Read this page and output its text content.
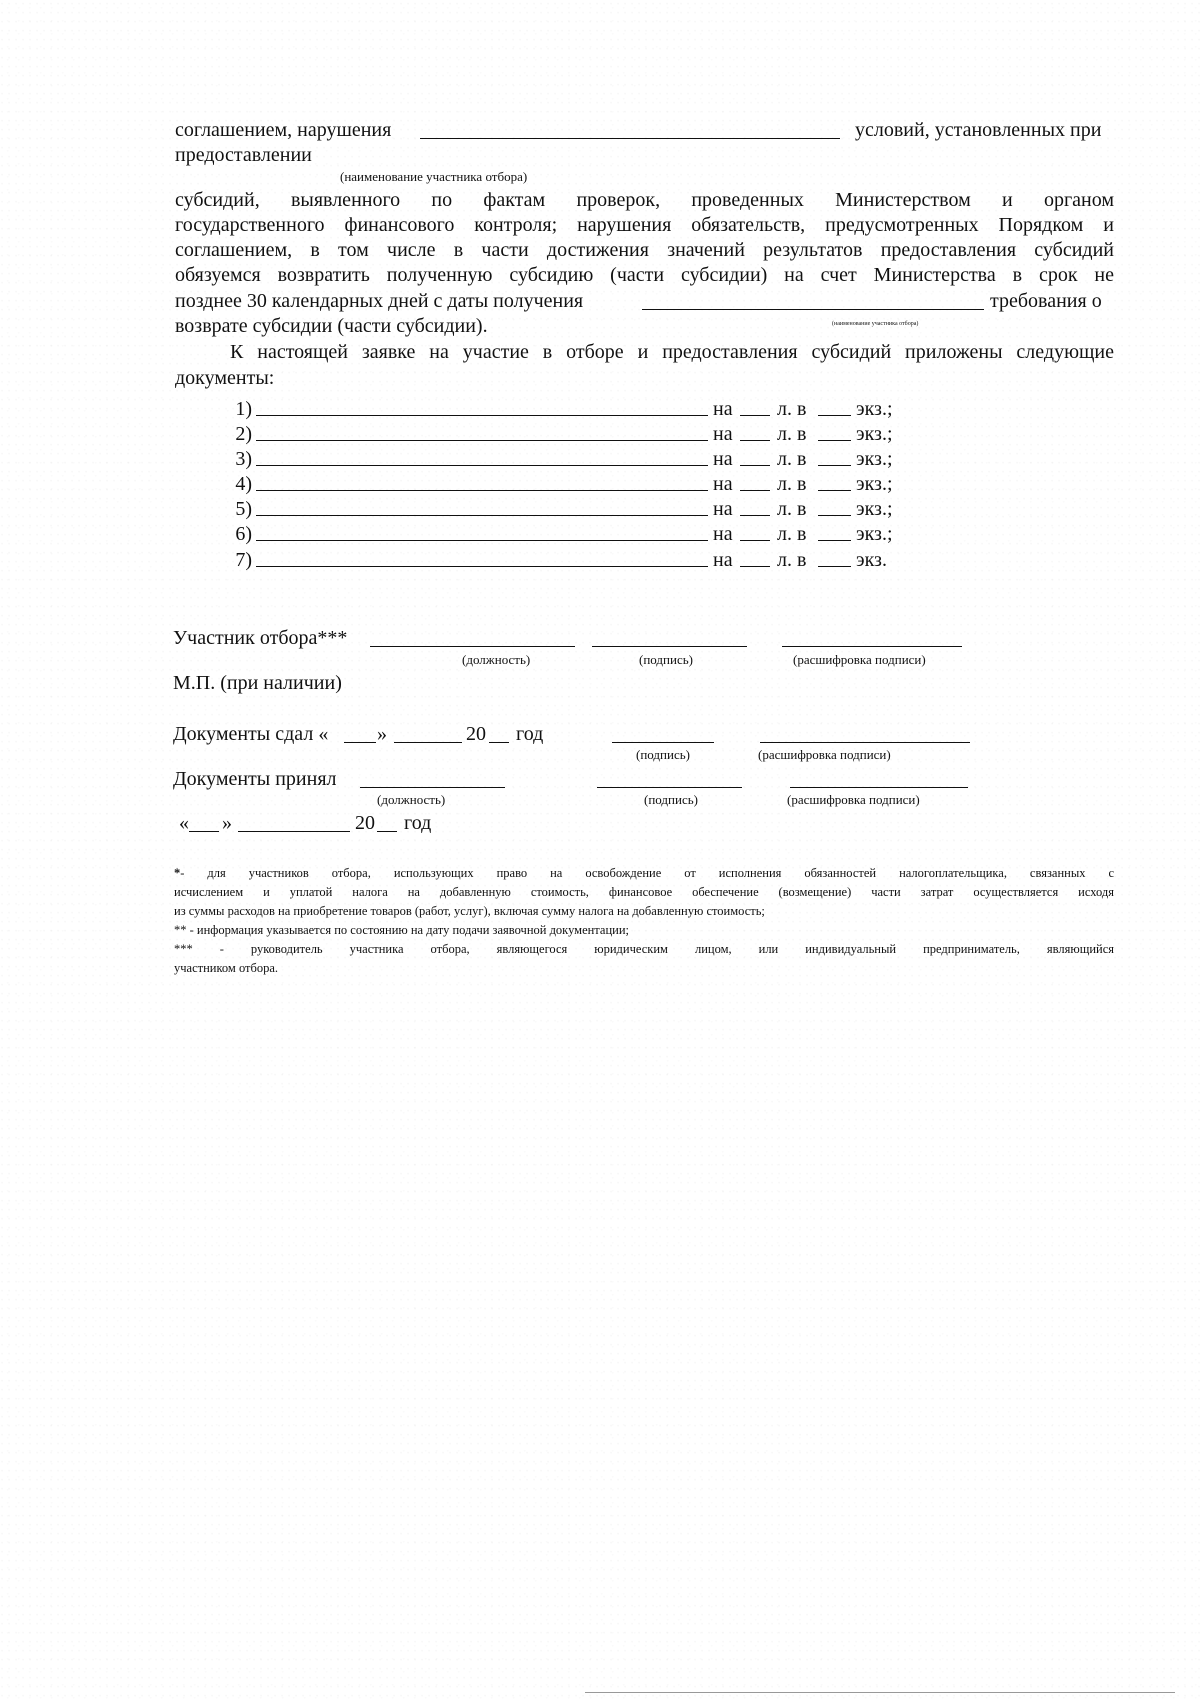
соглашением, нарушения	условий, установленных при
предоставлении
(наименование участника отбора)
субсидий, выявленного по фактам проверок, проведенных Министерством и органом
государственного финансового контроля; нарушения обязательств, предусмотренных Порядком и
соглашением, в том числе в части достижения значений результатов предоставления субсидий
обязуемся возвратить полученную субсидию (части субсидии) на счет Министерства в срок не
позднее 30 календарных дней с даты получения	требования о
возврате субсидии (части субсидии).	(наименование участника отбора)
К настоящей заявке на участие в отборе и предоставления субсидий приложены следующие
документы:
1)	на л. в экз.;
2)	на л. в экз.;
3)	на л. в экз.;
4)	на л. в экз.;
5)	на л. в экз.;
6)	на л. в экз.;
7)	на л. в экз.
Участник отбора***
(должность)	(подпись)	(расшифровка подписи)
М.П. (при наличии)
Документы сдал « »	20 год
(подпись)	(расшифровка подписи)
Документы принял
(должность)	(подпись)	(расшифровка подписи)
« »	20 год
* - для участников отбора, использующих право на освобождение от исполнения обязанностей налогоплательщика, связанных с
исчислением и уплатой налога на добавленную стоимость, финансовое обеспечение (возмещение) части затрат осуществляется исходя
из суммы расходов на приобретение товаров (работ, услуг), включая сумму налога на добавленную стоимость;
** - информация указывается по состоянию на дату подачи заявочной документации;
*** - руководитель участника отбора, являющегося юридическим лицом, или индивидуальный предприниматель, являющийся
участником отбора.
